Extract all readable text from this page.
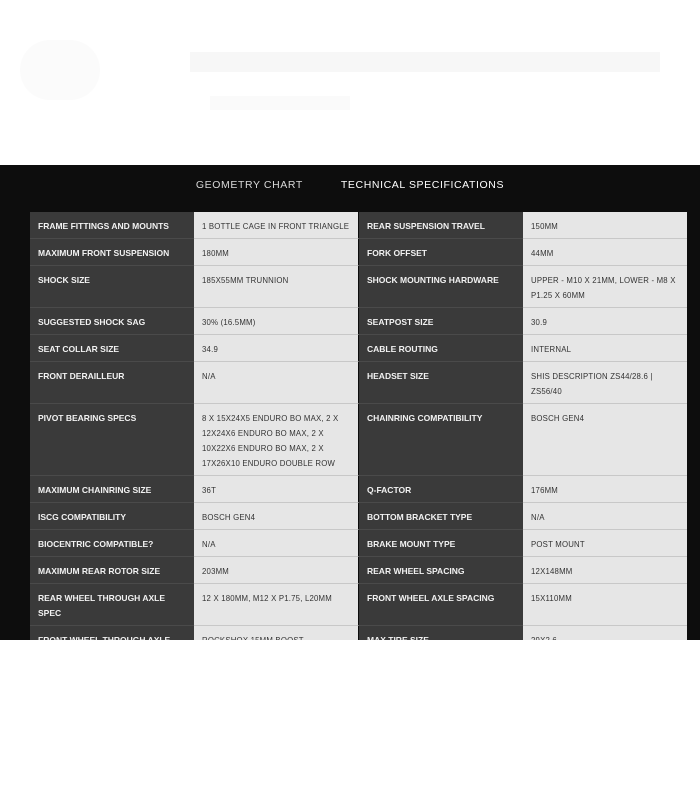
GEOMETRY CHART	TECHNICAL SPECIFICATIONS
FRAME FITTINGS AND MOUNTS	1 BOTTLE CAGE IN FRONT TRIANGLE	REAR SUSPENSION TRAVEL	150MM
MAXIMUM FRONT SUSPENSION	180MM	FORK OFFSET	44MM
SHOCK SIZE	185X55MM TRUNNION	SHOCK MOUNTING HARDWARE	UPPER - M10 X 21MM, LOWER - M8 X P1.25 X 60MM
SUGGESTED SHOCK SAG	30% (16.5MM)	SEATPOST SIZE	30.9
SEAT COLLAR SIZE	34.9	CABLE ROUTING	INTERNAL
FRONT DERAILLEUR	N/A	HEADSET SIZE	SHIS DESCRIPTION ZS44/28.6 | ZS56/40
PIVOT BEARING SPECS	8 X 15X24X5 ENDURO BO MAX, 2 X 12X24X6 ENDURO BO MAX, 2 X 10X22X6 ENDURO BO MAX, 2 X 17X26X10 ENDURO DOUBLE ROW	CHAINRING COMPATIBILITY	BOSCH GEN4
MAXIMUM CHAINRING SIZE	36T	Q-FACTOR	176MM
ISCG COMPATIBILITY	BOSCH GEN4	BOTTOM BRACKET TYPE	N/A
BIOCENTRIC COMPATIBLE?	N/A	BRAKE MOUNT TYPE	POST MOUNT
MAXIMUM REAR ROTOR SIZE	203MM	REAR WHEEL SPACING	12X148MM
REAR WHEEL THROUGH AXLE SPEC	12 X 180MM, M12 X P1.75, L20MM	FRONT WHEEL AXLE SPACING	15X110MM
